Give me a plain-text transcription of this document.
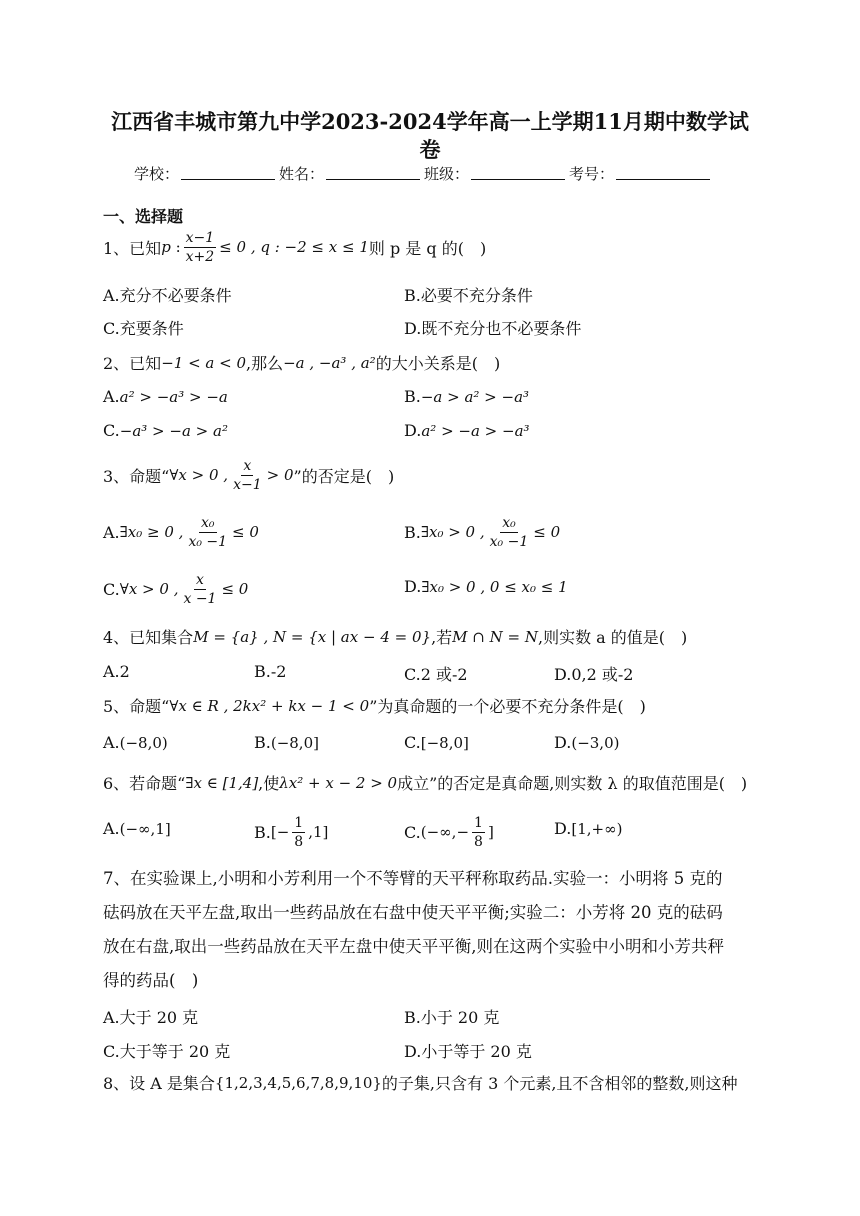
江西省丰城市第九中学2023-2024学年高一上学期11月期中数学试
卷
学校：	姓名：	班级：	考号：
一、选择题
1、已知 p : $\frac{x-1}{x+2} \le 0$ , q : −2 ≤ x ≤ 1 则 p 是 q 的(　)
A.充分不必要条件	B.必要不充分条件
C.充要条件	D.既不充分也不必要条件
2、已知 −1 < a < 0 ,那么 −a , −a³ , a² 的大小关系是(　)
A. a² > −a³ > −a	B. −a > a² > −a³
C. −a³ > −a > a²	D. a² > −a > −a³
3、命题“ ∀x > 0 , $\frac{x}{x-1} > 0$ ”的否定是(　)
A. ∃x₀ ≥ 0 , $\frac{\text{x₀}}{\text{x₀ −1}} \le 0$	B. ∃x₀ > 0 , $\frac{\text{x₀}}{\text{x₀ −1}} \le 0$
C. ∀x > 0 , $\frac{x}{x -1} \le 0$	D. ∃x₀ > 0 , 0 ≤ x₀ ≤ 1
4、已知集合 M = {a} , N = {x | ax − 4 = 0} ,若 M ∩ N = N ,则实数 a 的值是(　)
A.2	B.-2	C.2 或-2	D.0,2 或-2
5、命题“ ∀x ∈ R , 2kx² + kx − 1 < 0 ”为真命题的一个必要不充分条件是(　)
A. (−8,0)	B. (−8,0]	C. [−8,0]	D. (−3,0)
6、若命题“ ∃x ∈ [1,4] ,使 λx² + x − 2 > 0 成立”的否定是真命题,则实数 λ 的取值范围是(　)
A. (−∞,1]	B. [− $\frac{1}{8} ,1$]	C. (−∞,− $\frac{1}{8}$ ]	D. [1,+∞)
7、在实验课上,小明和小芳利用一个不等臂的天平秤称取药品.实验一：小明将 5 克的
砝码放在天平左盘,取出一些药品放在右盘中使天平平衡;实验二：小芳将 20 克的砝码
放在右盘,取出一些药品放在天平左盘中使天平平衡,则在这两个实验中小明和小芳共秤
得的药品(　)
A.大于 20 克	B.小于 20 克
C.大于等于 20 克	D.小于等于 20 克
8、设 A 是集合 {1,2,3,4,5,6,7,8,9,10} 的子集,只含有 3 个元素,且不含相邻的整数,则这种
